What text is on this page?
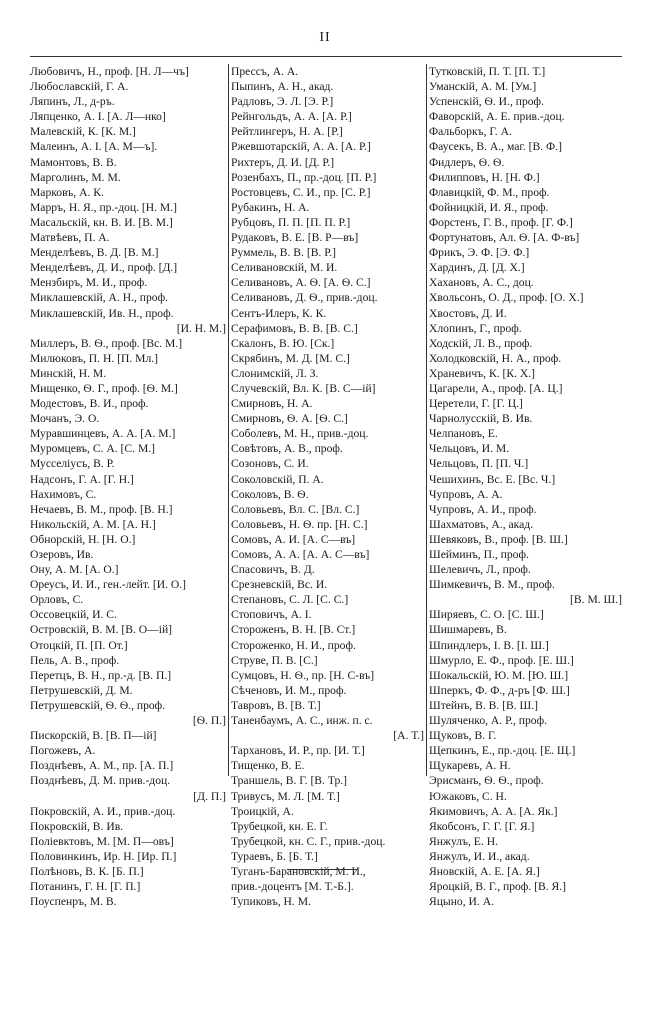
II
Любовичъ, Н., проф. [Н. Л—чъ]
Любославскій, Г. А.
Ляпинъ, Л., д-ръ.
Ляпценко, А. I. [А. Л—нко]
Малевскій, К. [К. М.]
Малеинъ, А. I. [А. М—ъ].
Мамонтовъ, В. В.
Марголинъ, М. М.
Марковъ, А. К.
Марръ, Н. Я., пр.-доц. [Н. М.]
Масальскій, кн. В. И. [В. М.]
Матвѣевъ, П. А.
Менделѣевъ, В. Д. [В. М.]
Менделѣевъ, Д. И., проф. [Д.]
Мензбиръ, М. И., проф.
Миклашевскій, А. Н., проф.
Миклашевскій, Ив. Н., проф.
[И. Н. М.]
Миллеръ, В. Ѳ., проф. [Вс. М.]
Милюковъ, П. Н. [П. Мл.]
Минскій, Н. М.
Мищенко, Ѳ. Г., проф. [Ѳ. М.]
Модестовъ, В. И., проф.
Мочанъ, Э. О.
Муравшинцевъ, А. А. [А. М.]
Муромцевъ, С. А. [С. М.]
Мусселіусъ, В. Р.
Надсонъ, Г. А. [Г. Н.]
Нахимовъ, С.
Нечаевъ, В. М., проф. [В. Н.]
Никольскій, А. М. [А. Н.]
Обнорскій, Н. [Н. О.]
Озеровъ, Ив.
Ону, А. М. [А. О.]
Ореусъ, И. И., ген.-лейт. [И. О.]
Орловъ, С.
Оссовецкій, И. С.
Островскій, В. М. [В. О—ій]
Отоцкій, П. [П. От.]
Пель, А. В., проф.
Перетцъ, В. Н., пр.-д. [В. П.]
Петрушевскій, Д. М.
Петрушевскій, Ѳ. Ѳ., проф.
[Ѳ. П.]
Пискорскій, В. [В. П—ій]
Погожевъ, А.
Позднѣевъ, А. М., пр. [А. П.]
Позднѣевъ, Д. М. прив.-доц.
[Д. П.]
Покровскій, А. И., прив.-доц.
Покровскій, В. Ив.
Поліевктовъ, М. [М. П—овъ]
Половинкинъ, Ир. Н. [Ир. П.]
Полѣновъ, В. К. [Б. П.]
Потанинъ, Г. Н. [Г. П.]
Поуспенръ, М. В.
Прессъ, А. А.
Пыпинъ, А. Н., акад.
Радловъ, Э. Л. [Э. Р.]
Рейнгольдъ, А. А. [А. Р.]
Рейтлингеръ, Н. А. [Р.]
Ржевшотарскій, А. А. [А. Р.]
Рихтеръ, Д. И. [Д. Р.]
Розенбахъ, П., пр.-доц. [П. Р.]
Ростовцевъ, С. И., пр. [С. Р.]
Рубакинъ, Н. А.
Рубцовъ, П. П. [П. П. Р.]
Рудаковъ, В. Е. [В. Р—въ]
Руммель, В. В. [В. Р.]
Селивановскій, М. И.
Селивановъ, А. Ѳ. [А. Ѳ. С.]
Селивановъ, Д. Ѳ., прив.-доц.
Сентъ-Илеръ, К. К.
Серафимовъ, В. В. [В. С.]
Скалонъ, В. Ю. [Ск.]
Скрябинъ, М. Д. [М. С.]
Слонимскій, Л. З.
Случевскій, Вл. К. [В. С—ій]
Смирновъ, Н. А.
Смирновъ, Ѳ. А. [Ѳ. С.]
Соболевъ, М. Н., прив.-доц.
Совѣтовъ, А. В., проф.
Созоновъ, С. И.
Соколовскій, П. А.
Соколовъ, В. Ѳ.
Соловьевъ, Вл. С. [Вл. С.]
Соловьевъ, Н. Ѳ. пр. [Н. С.]
Сомовъ, А. И. [А. С—въ]
Сомовъ, А. А. [А. А. С—въ]
Спасовичъ, В. Д.
Срезневскій, Вс. И.
Степановъ, С. Л. [С. С.]
Стоповичъ, А. I.
Стороженъ, В. Н. [В. Ст.]
Стороженко, Н. И., проф.
Струве, П. В. [С.]
Сумцовъ, Н. Ѳ., пр. [Н. С-въ]
Сѣченовъ, И. М., проф.
Тавровъ, В. [В. Т.]
Таненбаумъ, А. С., инж. п. с.
[А. Т.]
Тархановъ, И. Р., пр. [И. Т.]
Тищенко, В. Е.
Траншель, В. Г. [В. Тр.]
Тривусъ, М. Л. [М. Т.]
Троицкій, А.
Трубецкой, кн. Е. Г.
Трубецкой, кн. С. Г., прив.-доц.
Тураевъ, Б. [Б. Т.]
Туганъ-Барановскій, М. И.,
прив.-доцентъ [М. Т.-Б.].
Тупиковъ, Н. М.
Тутковскій, П. Т. [П. Т.]
Уманскій, А. М. [Ум.]
Успенскій, Ѳ. И., проф.
Фаворскій, А. Е. прив.-доц.
Фальборкъ, Г. А.
Фаусекъ, В. А., маг. [В. Ф.]
Фидлеръ, Ѳ. Ѳ.
Филипповъ, Н. [Н. Ф.]
Флавицкій, Ф. М., проф.
Фойницкій, И. Я., проф.
Форстенъ, Г. В., проф. [Г. Ф.]
Фортунатовъ, Ал. Ѳ. [А. Ф-въ]
Фрикъ, Э. Ф. [Э. Ф.]
Хардинъ, Д. [Д. Х.]
Хахановъ, А. С., доц.
Хвольсонъ, О. Д., проф. [О. Х.]
Хвостовъ, Д. И.
Хлопинъ, Г., проф.
Ходскій, Л. В., проф.
Холодковскій, Н. А., проф.
Храневичъ, К. [К. Х.]
Цагарели, А., проф. [А. Ц.]
Церетели, Г. [Г. Ц.]
Чарнолусскій, В. Ив.
Челпановъ, Е.
Чельцовъ, И. М.
Чельцовъ, П. [П. Ч.]
Чешихинъ, Вс. Е. [Вс. Ч.]
Чупровъ, А. А.
Чупровъ, А. И., проф.
Шахматовъ, А., акад.
Шевяковъ, В., проф. [В. Ш.]
Шейминъ, П., проф.
Шелевичъ, Л., проф.
Шимкевичъ, В. М., проф.
[В. М. Ш.]
Ширяевъ, С. О. [С. Ш.]
Шишмаревъ, В.
Шпиндлеръ, I. В. [I. Ш.]
Шмурло, Е. Ф., проф. [Е. Ш.]
Шокальскій, Ю. М. [Ю. Ш.]
Шперкъ, Ф. Ф., д-ръ [Ф. Ш.]
Штейнъ, В. В. [В. Ш.]
Шуляченко, А. Р., проф.
Щуковъ, В. Г.
Щепкинъ, Е., пр.-доц. [Е. Щ.]
Щукаревъ, А. Н.
Эрисманъ, Ѳ. Ѳ., проф.
Южаковъ, С. Н.
Якимовичъ, А. А. [А. Як.]
Якобсонъ, Г. Г. [Г. Я.]
Янжулъ, Е. Н.
Янжулъ, И. И., акад.
Яновскій, А. Е. [А. Я.]
Яроцкій, В. Г., проф. [В. Я.]
Яцыно, И. А.
